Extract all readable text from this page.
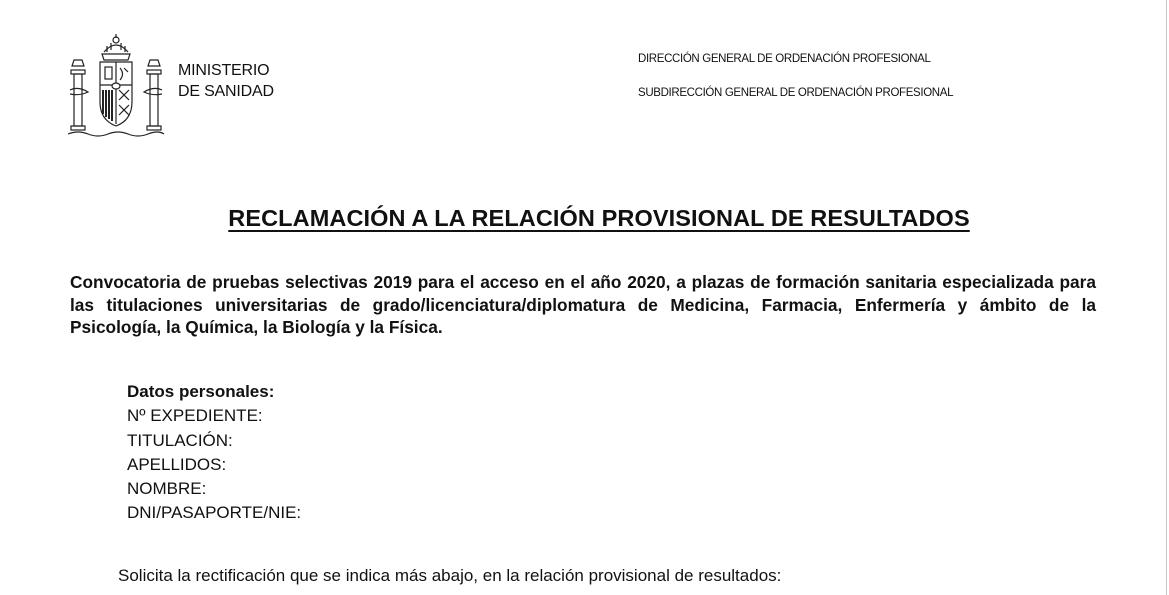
MINISTERIO
DE SANIDAD
DIRECCIÓN GENERAL DE ORDENACIÓN PROFESIONAL
SUBDIRECCIÓN GENERAL DE ORDENACIÓN PROFESIONAL
RECLAMACIÓN A LA RELACIÓN PROVISIONAL DE RESULTADOS
Convocatoria de pruebas selectivas 2019 para el acceso en el año 2020, a plazas de formación sanitaria especializada para las titulaciones universitarias de grado/licenciatura/diplomatura de Medicina, Farmacia, Enfermería y ámbito de la Psicología, la Química, la Biología y la Física.
Datos personales:
Nº EXPEDIENTE:
TITULACIÓN:
APELLIDOS:
NOMBRE:
DNI/PASAPORTE/NIE:
Solicita la rectificación que se indica más abajo, en la relación provisional de resultados:
